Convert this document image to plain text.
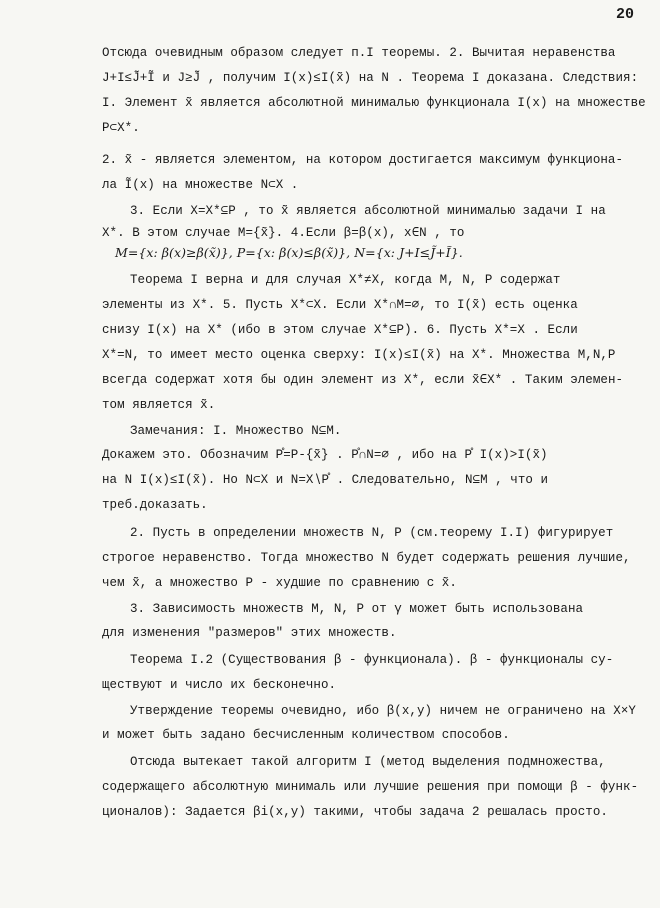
20
Отсюда очевидным образом следует п.I теоремы. 2. Вычитая неравенства
J+I≤J̃+Ĩ и J≥J̃ , получим I(x)≤I(x̃) на N . Теорема I доказана. Следствия:
I. Элемент x̃ является абсолютной минималью функционала I(x) на множестве
P⊂X*.
2. x̃ - является элементом, на котором достигается максимум функциона-
ла Ĩ(x) на множестве N⊂X .
3. Если X=X*⊆P , то x̃ является абсолютной минималью задачи I на
X*. В этом случае M={x̃}. 4.Если β=β(x), x∈N , то
M={x: β(x)≥β(x̃)}, P={x: β(x)≤β(x̃)}, N={x: J+I≤J̃+Ĩ}.
Теорема I верна и для случая X*≠X, когда M, N, P содержат
элементы из X*. 5. Пусть X*⊂X. Если X*∩M=∅, то I(x̃) есть оценка
снизу I(x) на X* (ибо в этом случае X*⊆P). 6. Пусть X*=X . Если
X*=N, то имеет место оценка сверху: I(x)≤I(x̃) на X*. Множества M,N,P
всегда содержат хотя бы один элемент из X*, если x̃∈X* . Таким элемен-
том является x̃.
Замечания: I. Множество N⊆M.
Докажем это. Обозначим P̊=P-{x̃} . P̊∩N=∅ , ибо на P̊ I(x)>I(x̃)
на N I(x)≤I(x̃). Но N⊂X и N=X∖P̊ . Следовательно, N⊆M , что и
треб.доказать.
2. Пусть в определении множеств N, P (см.теорему I.I) фигурирует
строгое неравенство. Тогда множество N будет содержать решения лучшие,
чем x̃, а множество P - худшие по сравнению с x̃.
3. Зависимость множеств M, N, P от γ может быть использована
для изменения "размеров" этих множеств.
Теорема I.2 (Существования β - функционала). β - функционалы су-
ществуют и число их бесконечно.
Утверждение теоремы очевидно, ибо β(x,y) ничем не ограничено на X×Y
и может быть задано бесчисленным количеством способов.
Отсюда вытекает такой алгоритм I (метод выделения подмножества,
содержащего абсолютную минималь или лучшие решения при помощи β - функ-
ционалов): Задается βi(x,y) такими, чтобы задача 2 решалась просто.
